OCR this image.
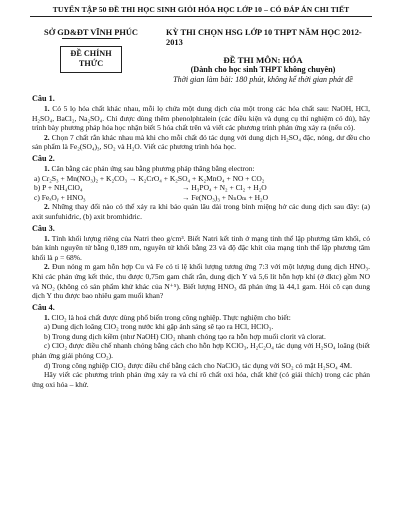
TUYỂN TẬP 50 ĐỀ THI HỌC SINH GIỎI HÓA HỌC LỚP 10 – CÓ ĐÁP ÁN CHI TIẾT
SỞ GD&ĐT VĨNH PHÚC
ĐỀ CHÍNH
THỨC
KỲ THI CHỌN HSG LỚP 10 THPT NĂM HỌC 2012-
2013
ĐỀ THI MÔN: HÓA
(Dành cho học sinh THPT không chuyên)
Thời gian làm bài: 180 phút, không kể thời gian phát đề
Câu 1.

1. Có 5 lọ hóa chất khác nhau, mỗi lọ chứa một dung dịch của một trong các hóa chất sau: NaOH, HCl, H₂SO₄, BaCl₂, Na₂SO₄. Chỉ được dùng thêm phenolphtalein (các điều kiện và dụng cụ thí nghiệm có đủ), hãy trình bày phương pháp hóa học nhận biết 5 hóa chất trên và viết các phương trình phản ứng xảy ra (nếu có).

2. Chọn 7 chất rắn khác nhau mà khi cho mỗi chất đó tác dụng với dung dịch H₂SO₄ đặc, nóng, dư đều cho sản phẩm là Fe₂(SO₄)₃, SO₂ và H₂O. Viết các phương trình hóa học.

Câu 2.

1. Cân bằng các phản ứng sau bằng phương pháp thăng bằng electron:

a) Cr₂S₃ + Mn(NO₃)₂ + K₂CO₃ → K₂CrO₄ + K₂SO₄ + K₂MnO₄ + NO + CO₂
b) P + NH₄ClO₄	→ H₃PO₄ + N₂ + Cl₂ + H₂O
c) FeₓOᵧ + HNO₃	→ Fe(NO₃)₃ + NₙOₘ + H₂O

2. Những thay đổi nào có thể xảy ra khi bảo quản lâu dài trong bình miệng hở các dung dịch sau đây: (a) axit sunfuhiđric, (b) axit bromhiđric.

Câu 3.

1. Tính khối lượng riêng của Natri theo g/cm³. Biết Natri kết tinh ở mạng tinh thể lập phương tâm khối, có bán kính nguyên tử bằng 0,189 nm, nguyên tử khối bằng 23 và độ đặc khít của mạng tinh thể lập phương tâm khối là ρ = 68%.

2. Đun nóng m gam hỗn hợp Cu và Fe có tỉ lệ khối lượng tương ứng 7:3 với một lượng dung dịch HNO₃. Khi các phản ứng kết thúc, thu được 0,75m gam chất rắn, dung dịch Y và 5,6 lít hỗn hợp khí (ở đktc) gồm NO và NO₂ (không có sản phẩm khử khác của N⁺⁵). Biết lượng HNO₃ đã phản ứng là 44,1 gam. Hỏi cô cạn dung dịch Y thu được bao nhiêu gam muối khan?

Câu 4.

1. ClO₂ là hoá chất được dùng phổ biến trong công nghiệp. Thực nghiệm cho biết:

a) Dung dịch loãng ClO₂ trong nước khi gặp ánh sáng sẽ tạo ra HCl, HClO₃.

b) Trong dung dịch kiềm (như NaOH) ClO₂ nhanh chóng tạo ra hỗn hợp muối clorit và clorat.

c) ClO₂ được điều chế nhanh chóng bằng cách cho hỗn hợp KClO₃, H₂C₂O₄ tác dụng với H₂SO₄ loãng (biết phản ứng giải phóng CO₂).

d) Trong công nghiệp ClO₂ được điều chế bằng cách cho NaClO₃ tác dụng với SO₂ có mặt H₂SO₄ 4M.

Hãy viết các phương trình phản ứng xảy ra và chỉ rõ chất oxi hóa, chất khử (có giải thích) trong các phản ứng oxi hóa – khử.
